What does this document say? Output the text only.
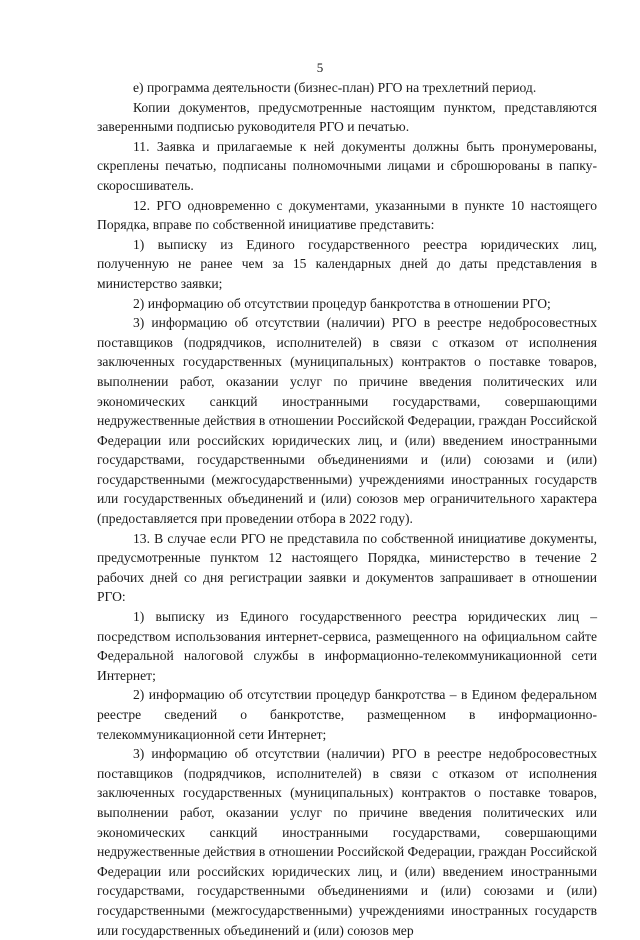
5

е) программа деятельности (бизнес-план) РГО на трехлетний период.

Копии документов, предусмотренные настоящим пунктом, представляются заверенными подписью руководителя РГО и печатью.

11. Заявка и прилагаемые к ней документы должны быть пронумерованы, скреплены печатью, подписаны полномочными лицами и сброшюрованы в папку-скоросшиватель.

12. РГО одновременно с документами, указанными в пункте 10 настоящего Порядка, вправе по собственной инициативе представить:

1) выписку из Единого государственного реестра юридических лиц, полученную не ранее чем за 15 календарных дней до даты представления в министерство заявки;

2) информацию об отсутствии процедур банкротства в отношении РГО;

3) информацию об отсутствии (наличии) РГО в реестре недобросовестных поставщиков (подрядчиков, исполнителей) в связи с отказом от исполнения заключенных государственных (муниципальных) контрактов о поставке товаров, выполнении работ, оказании услуг по причине введения политических или экономических санкций иностранными государствами, совершающими недружественные действия в отношении Российской Федерации, граждан Российской Федерации или российских юридических лиц, и (или) введением иностранными государствами, государственными объединениями и (или) союзами и (или) государственными (межгосударственными) учреждениями иностранных государств или государственных объединений и (или) союзов мер ограничительного характера (предоставляется при проведении отбора в 2022 году).

13. В случае если РГО не представила по собственной инициативе документы, предусмотренные пунктом 12 настоящего Порядка, министерство в течение 2 рабочих дней со дня регистрации заявки и документов запрашивает в отношении РГО:

1) выписку из Единого государственного реестра юридических лиц – посредством использования интернет-сервиса, размещенного на официальном сайте Федеральной налоговой службы в информационно-телекоммуникационной сети Интернет;

2) информацию об отсутствии процедур банкротства – в Едином федеральном реестре сведений о банкротстве, размещенном в информационно-телекоммуникационной сети Интернет;

3) информацию об отсутствии (наличии) РГО в реестре недобросовестных поставщиков (подрядчиков, исполнителей) в связи с отказом от исполнения заключенных государственных (муниципальных) контрактов о поставке товаров, выполнении работ, оказании услуг по причине введения политических или экономических санкций иностранными государствами, совершающими недружественные действия в отношении Российской Федерации, граждан Российской Федерации или российских юридических лиц, и (или) введением иностранными государствами, государственными объединениями и (или) союзами и (или) государственными (межгосударственными) учреждениями иностранных государств или государственных объединений и (или) союзов мер
